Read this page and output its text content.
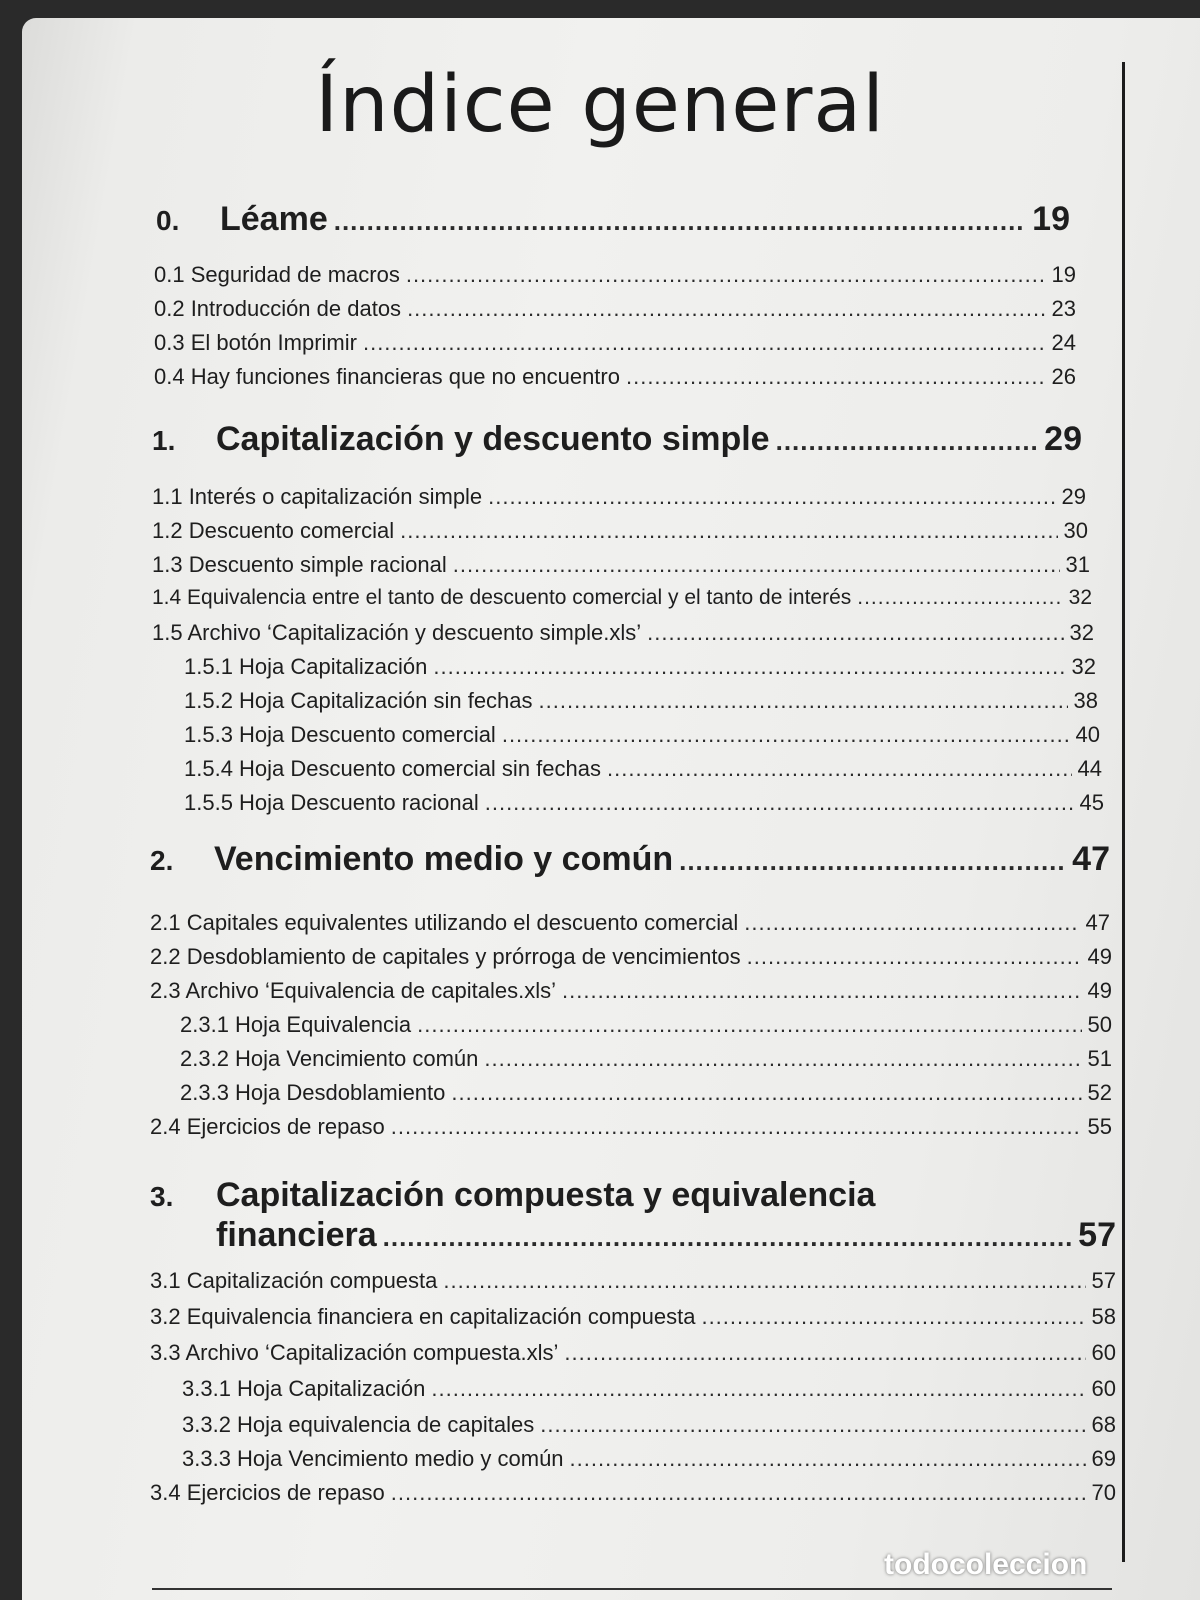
Índice general
0. Léame .....	19
0.1 Seguridad de macros .....	19
0.2 Introducción de datos .....	23
0.3 El botón Imprimir .....	24
0.4 Hay funciones financieras que no encuentro .....	26
1. Capitalización y descuento simple .....	29
1.1 Interés o capitalización simple .....	29
1.2 Descuento comercial .....	30
1.3 Descuento simple racional .....	31
1.4 Equivalencia entre el tanto de descuento comercial y el tanto de interés .....	32
1.5 Archivo ‘Capitalización y descuento simple.xls’ .....	32
1.5.1 Hoja Capitalización .....	32
1.5.2 Hoja Capitalización sin fechas .....	38
1.5.3 Hoja Descuento comercial .....	40
1.5.4 Hoja Descuento comercial sin fechas .....	44
1.5.5 Hoja Descuento racional .....	45
2. Vencimiento medio y común .....	47
2.1 Capitales equivalentes utilizando el descuento comercial .....	47
2.2 Desdoblamiento de capitales y prórroga de vencimientos .....	49
2.3 Archivo ‘Equivalencia de capitales.xls’ .....	49
2.3.1 Hoja Equivalencia .....	50
2.3.2 Hoja Vencimiento común .....	51
2.3.3 Hoja Desdoblamiento .....	52
2.4 Ejercicios de repaso .....	55
3. Capitalización compuesta y equivalencia
financiera .....	57
3.1 Capitalización compuesta .....	57
3.2 Equivalencia financiera en capitalización compuesta .....	58
3.3 Archivo ‘Capitalización compuesta.xls’ .....	60
3.3.1 Hoja Capitalización .....	60
3.3.2 Hoja equivalencia de capitales .....	68
3.3.3 Hoja Vencimiento medio y común .....	69
3.4 Ejercicios de repaso .....	70
todocoleccion
